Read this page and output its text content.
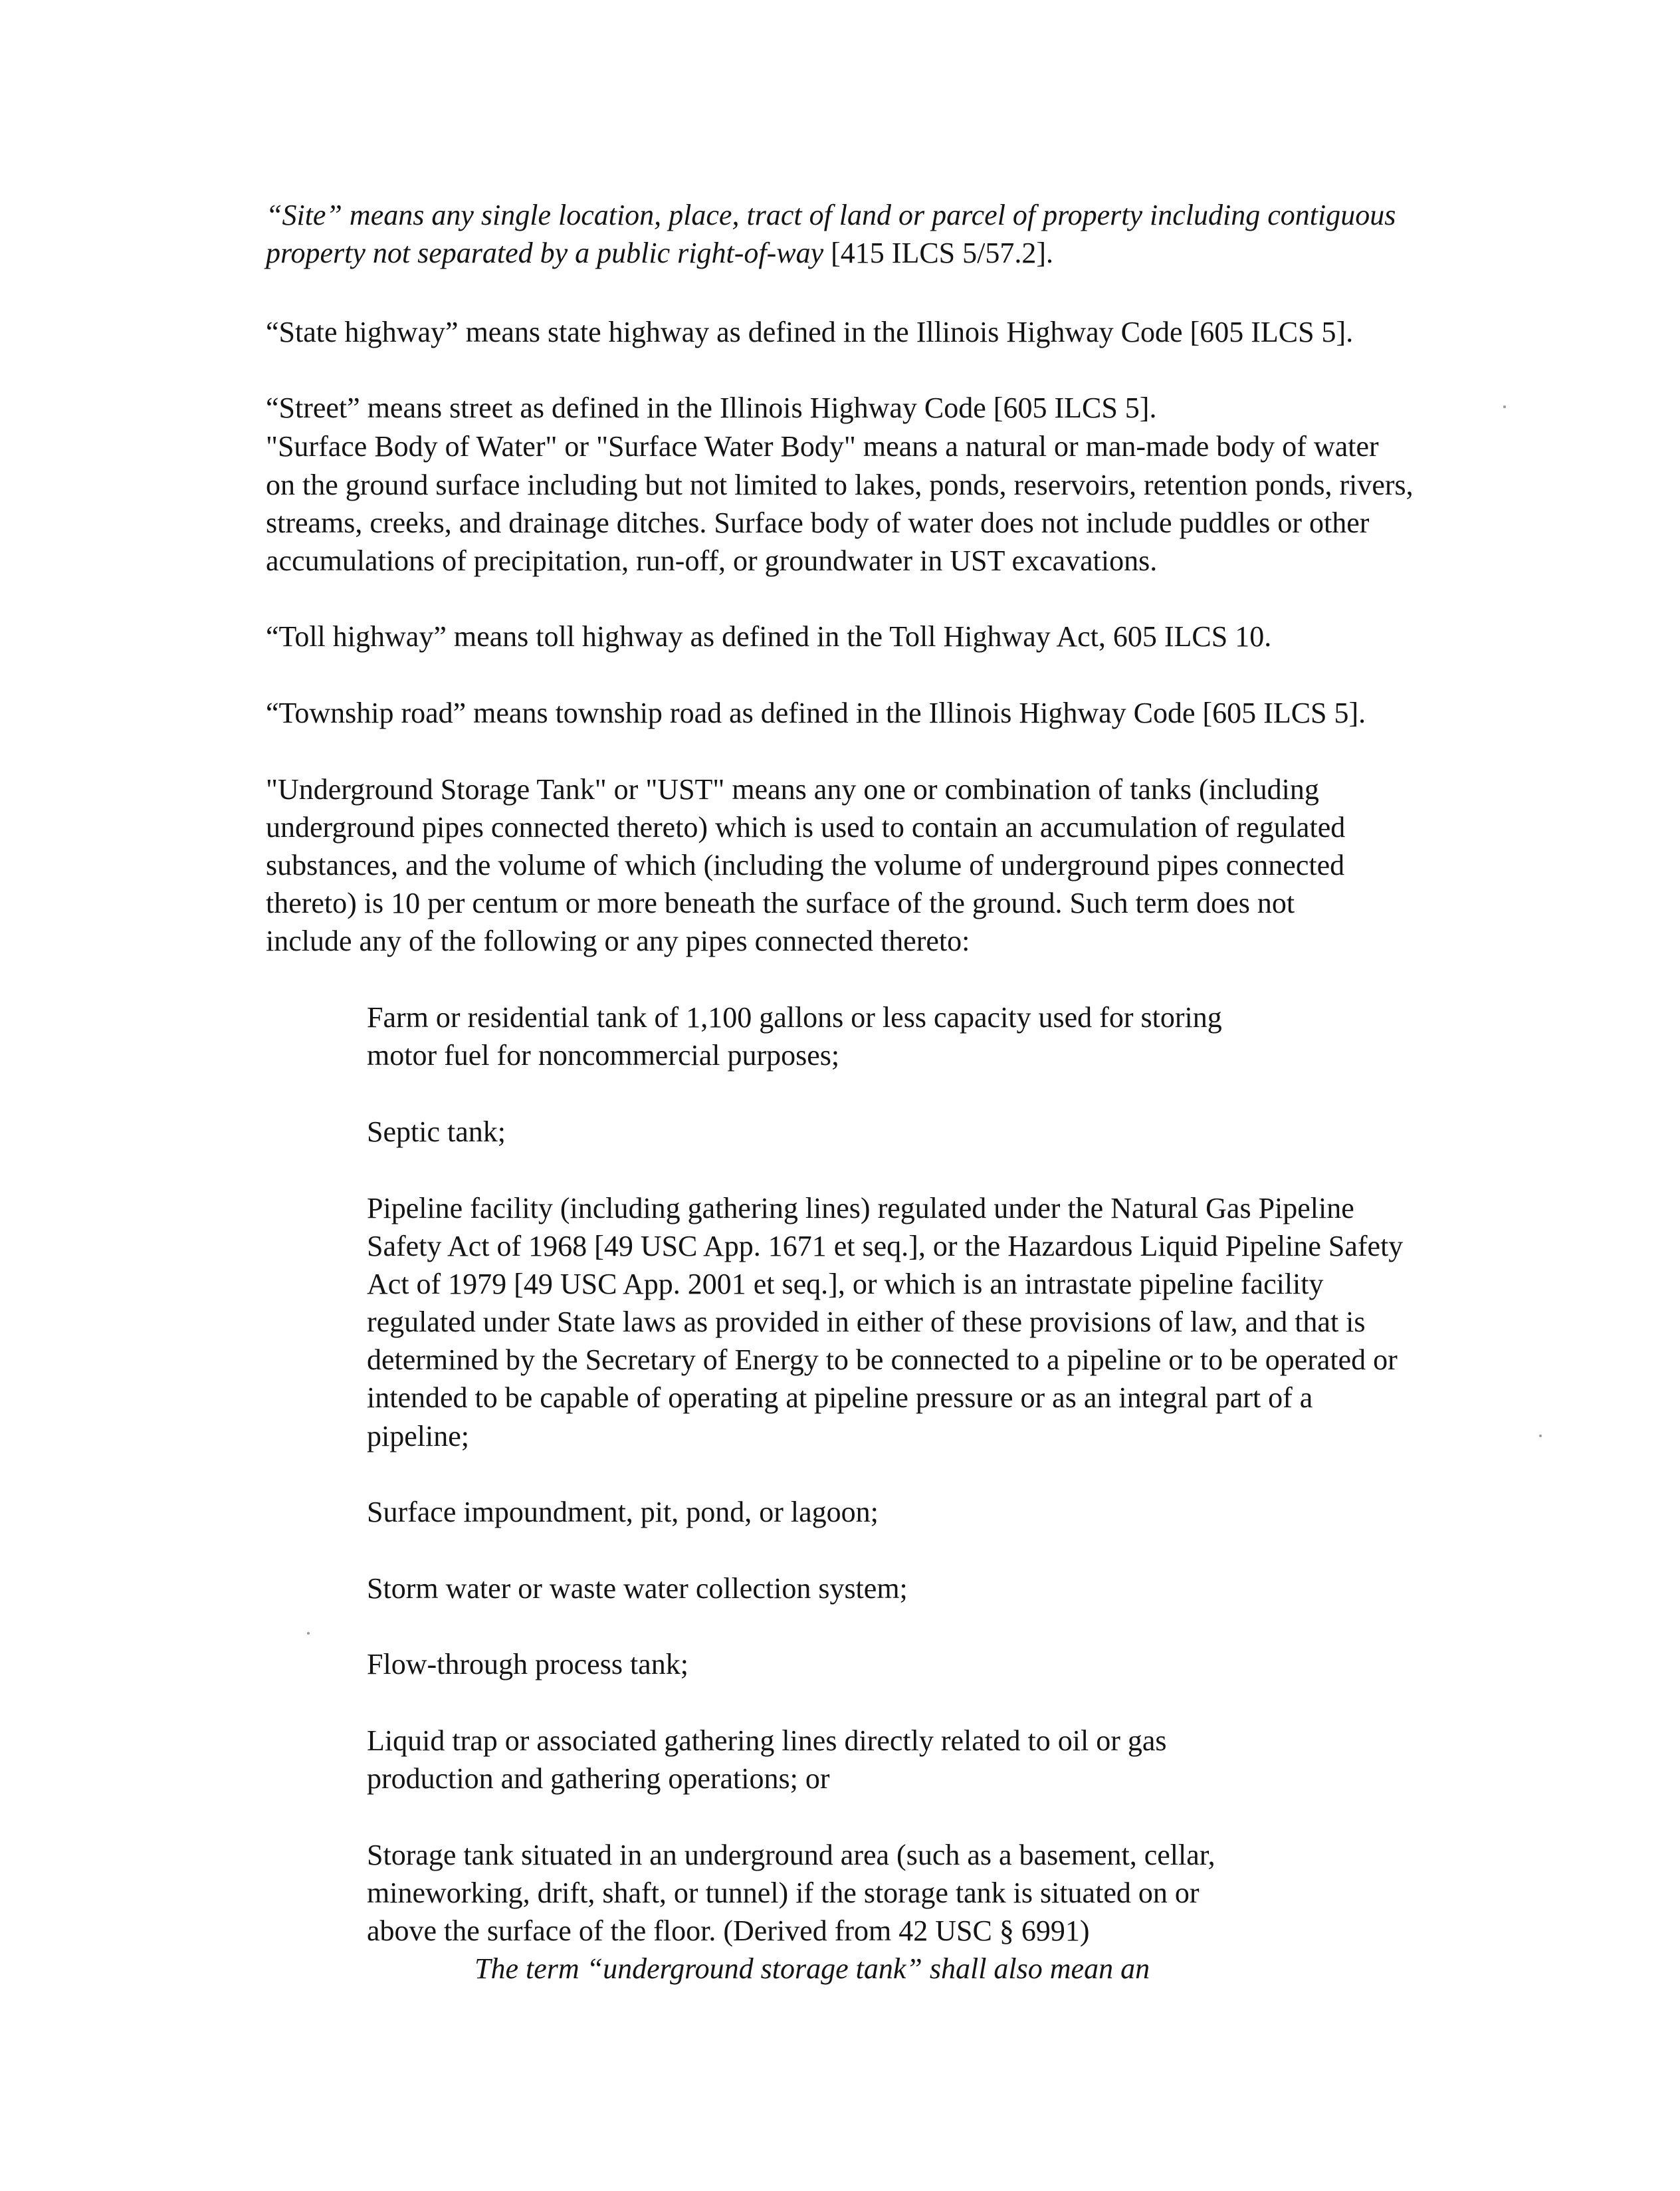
“Site” means any single location, place, tract of land or parcel of property including contiguous

property not separated by a public right-of-way [415 ILCS 5/57.2].

“State highway” means state highway as defined in the Illinois Highway Code [605 ILCS 5].

“Street” means street as defined in the Illinois Highway Code [605 ILCS 5].

"Surface Body of Water" or "Surface Water Body" means a natural or man-made body of water

on the ground surface including but not limited to lakes, ponds, reservoirs, retention ponds, rivers,

streams, creeks, and drainage ditches. Surface body of water does not include puddles or other

accumulations of precipitation, run-off, or groundwater in UST excavations.

“Toll highway” means toll highway as defined in the Toll Highway Act, 605 ILCS 10.

“Township road” means township road as defined in the Illinois Highway Code [605 ILCS 5].

"Underground Storage Tank" or "UST" means any one or combination of tanks (including

underground pipes connected thereto) which is used to contain an accumulation of regulated

substances, and the volume of which (including the volume of underground pipes connected

thereto) is 10 per centum or more beneath the surface of the ground. Such term does not

include any of the following or any pipes connected thereto:

Farm or residential tank of 1,100 gallons or less capacity used for storing

motor fuel for noncommercial purposes;

Septic tank;

Pipeline facility (including gathering lines) regulated under the Natural Gas Pipeline

Safety Act of 1968 [49 USC App. 1671 et seq.], or the Hazardous Liquid Pipeline Safety

Act of 1979 [49 USC App. 2001 et seq.], or which is an intrastate pipeline facility

regulated under State laws as provided in either of these provisions of law, and that is

determined by the Secretary of Energy to be connected to a pipeline or to be operated or

intended to be capable of operating at pipeline pressure or as an integral part of a

pipeline;

Surface impoundment, pit, pond, or lagoon;

Storm water or waste water collection system;

Flow-through process tank;

Liquid trap or associated gathering lines directly related to oil or gas

production and gathering operations; or

Storage tank situated in an underground area (such as a basement, cellar,

mineworking, drift, shaft, or tunnel) if the storage tank is situated on or

above the surface of the floor. (Derived from 42 USC § 6991)

The term “underground storage tank” shall also mean an
